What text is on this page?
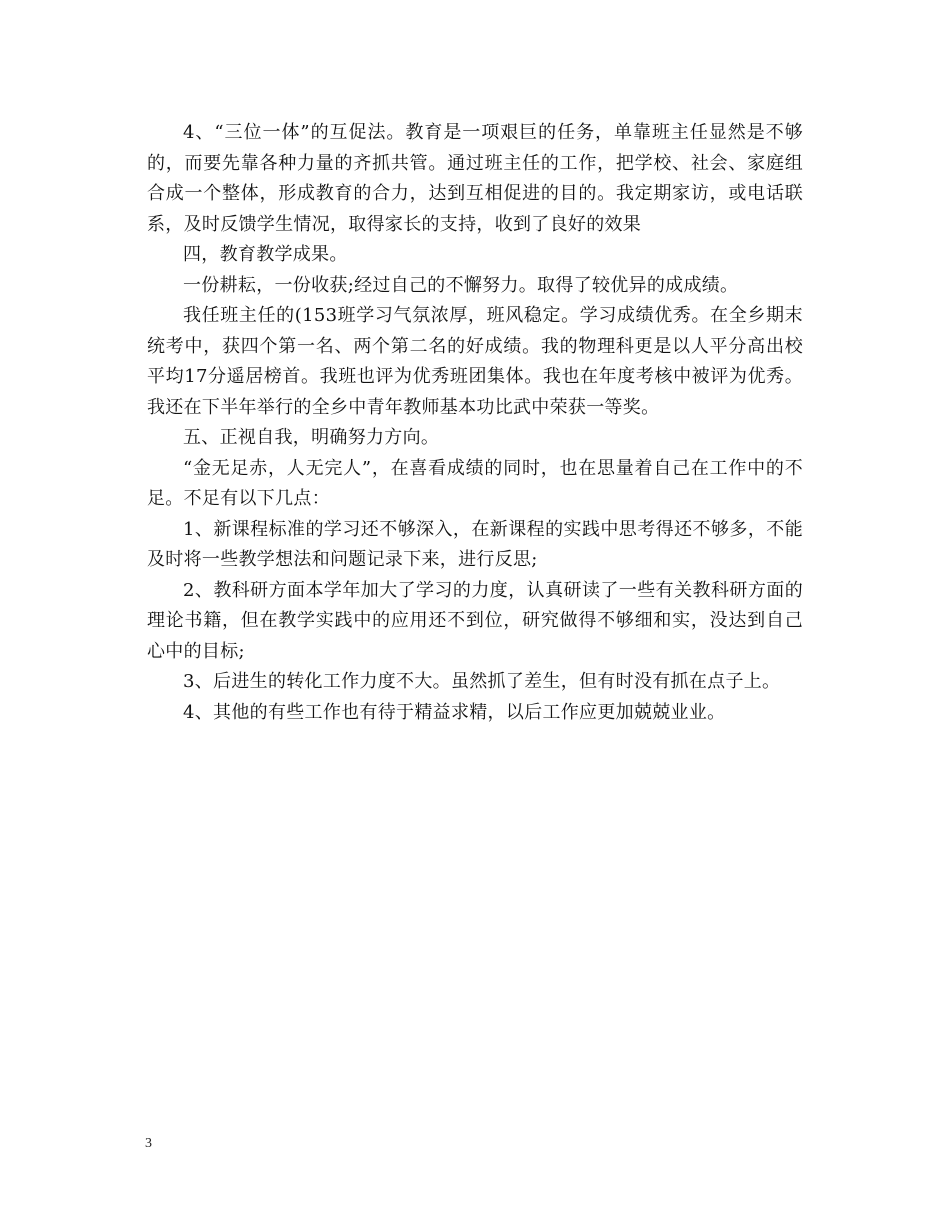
4、“三位一体”的互促法。教育是一项艰巨的任务，单靠班主任显然是不够的，而要先靠各种力量的齐抓共管。通过班主任的工作，把学校、社会、家庭组合成一个整体，形成教育的合力，达到互相促进的目的。我定期家访，或电话联系，及时反馈学生情况，取得家长的支持，收到了良好的效果

四，教育教学成果。

一份耕耘，一份收获;经过自己的不懈努力。取得了较优异的成成绩。

我任班主任的(153班学习气氛浓厚，班风稳定。学习成绩优秀。在全乡期末统考中，获四个第一名、两个第二名的好成绩。我的物理科更是以人平分高出校平均17分遥居榜首。我班也评为优秀班团集体。我也在年度考核中被评为优秀。我还在下半年举行的全乡中青年教师基本功比武中荣获一等奖。

五、正视自我，明确努力方向。

“金无足赤，人无完人”，在喜看成绩的同时，也在思量着自己在工作中的不足。不足有以下几点：

1、新课程标准的学习还不够深入，在新课程的实践中思考得还不够多，不能及时将一些教学想法和问题记录下来，进行反思;

2、教科研方面本学年加大了学习的力度，认真研读了一些有关教科研方面的理论书籍，但在教学实践中的应用还不到位，研究做得不够细和实，没达到自己心中的目标;

3、后进生的转化工作力度不大。虽然抓了差生，但有时没有抓在点子上。

4、其他的有些工作也有待于精益求精，以后工作应更加兢兢业业。

3
